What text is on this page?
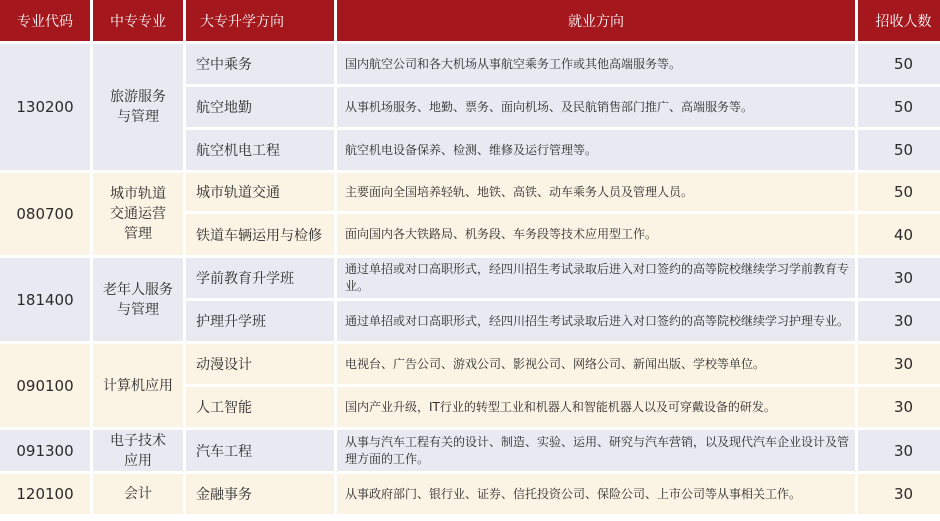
专业代码	中专专业	大专升学方向	就业方向	招收人数
130200	旅游服务与管理	空中乘务	国内航空公司和各大机场从事航空乘务工作或其他高端服务等。	50
		航空地勤	从事机场服务、地勤、票务、面向机场、及民航销售部门推广、高端服务等。	50
		航空机电工程	航空机电设备保养、检测、维修及运行管理等。	50
080700	城市轨道交通运营管理	城市轨道交通	主要面向全国培养轻轨、地铁、高铁、动车乘务人员及管理人员。	50
		铁道车辆运用与检修	面向国内各大铁路局、机务段、车务段等技术应用型工作。	40
181400	老年人服务与管理	学前教育升学班	通过单招或对口高职形式，经四川招生考试录取后进入对口签约的高等院校继续学习学前教育专业。	30
		护理升学班	通过单招或对口高职形式，经四川招生考试录取后进入对口签约的高等院校继续学习护理专业。	30
090100	计算机应用	动漫设计	电视台、广告公司、游戏公司、影视公司、网络公司、新闻出版、学校等单位。	30
		人工智能	国内产业升级，IT行业的转型工业和机器人和智能机器人以及可穿戴设备的研发。	30
091300	电子技术应用	汽车工程	从事与汽车工程有关的设计、制造、实验、运用、研究与汽车营销，以及现代汽车企业设计及管理方面的工作。	30
120100	会计	金融事务	从事政府部门、银行业、证券、信托投资公司、保险公司、上市公司等从事相关工作。	30
